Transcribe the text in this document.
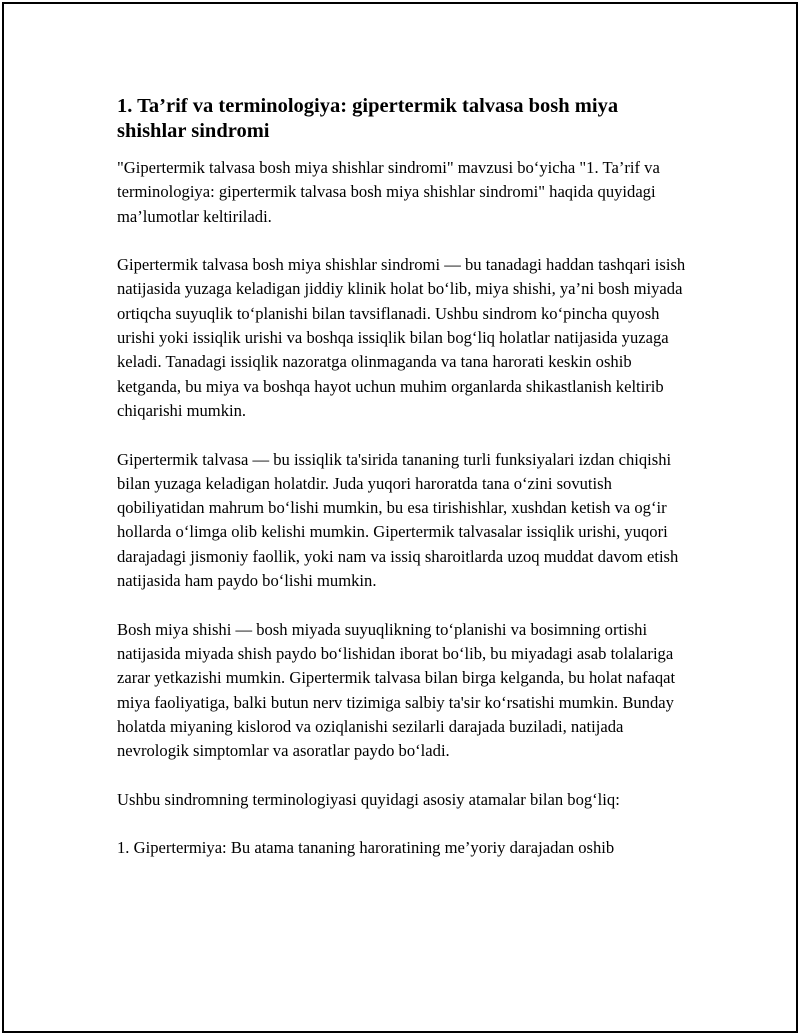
1. Ta’rif va terminologiya: gipertermik talvasa bosh miya shishlar sindromi

"Gipertermik talvasa bosh miya shishlar sindromi" mavzusi bo‘yicha "1. Ta’rif va terminologiya: gipertermik talvasa bosh miya shishlar sindromi" haqida quyidagi ma’lumotlar keltiriladi.

Gipertermik talvasa bosh miya shishlar sindromi — bu tanadagi haddan tashqari isish natijasida yuzaga keladigan jiddiy klinik holat bo‘lib, miya shishi, ya’ni bosh miyada ortiqcha suyuqlik to‘planishi bilan tavsiflanadi. Ushbu sindrom ko‘pincha quyosh urishi yoki issiqlik urishi va boshqa issiqlik bilan bog‘liq holatlar natijasida yuzaga keladi. Tanadagi issiqlik nazoratga olinmaganda va tana harorati keskin oshib ketganda, bu miya va boshqa hayot uchun muhim organlarda shikastlanish keltirib chiqarishi mumkin.

Gipertermik talvasa — bu issiqlik ta'sirida tananing turli funksiyalari izdan chiqishi bilan yuzaga keladigan holatdir. Juda yuqori haroratda tana o‘zini sovutish qobiliyatidan mahrum bo‘lishi mumkin, bu esa tirishishlar, xushdan ketish va og‘ir hollarda o‘limga olib kelishi mumkin. Gipertermik talvasalar issiqlik urishi, yuqori darajadagi jismoniy faollik, yoki nam va issiq sharoitlarda uzoq muddat davom etish natijasida ham paydo bo‘lishi mumkin.

Bosh miya shishi — bosh miyada suyuqlikning to‘planishi va bosimning ortishi natijasida miyada shish paydo bo‘lishidan iborat bo‘lib, bu miyadagi asab tolalariga zarar yetkazishi mumkin. Gipertermik talvasa bilan birga kelganda, bu holat nafaqat miya faoliyatiga, balki butun nerv tizimiga salbiy ta'sir ko‘rsatishi mumkin. Bunday holatda miyaning kislorod va oziqlanishi sezilarli darajada buziladi, natijada nevrologik simptomlar va asoratlar paydo bo‘ladi.

Ushbu sindromning terminologiyasi quyidagi asosiy atamalar bilan bog‘liq:

1. Gipertermiya: Bu atama tananing haroratining me’yoriy darajadan oshib
